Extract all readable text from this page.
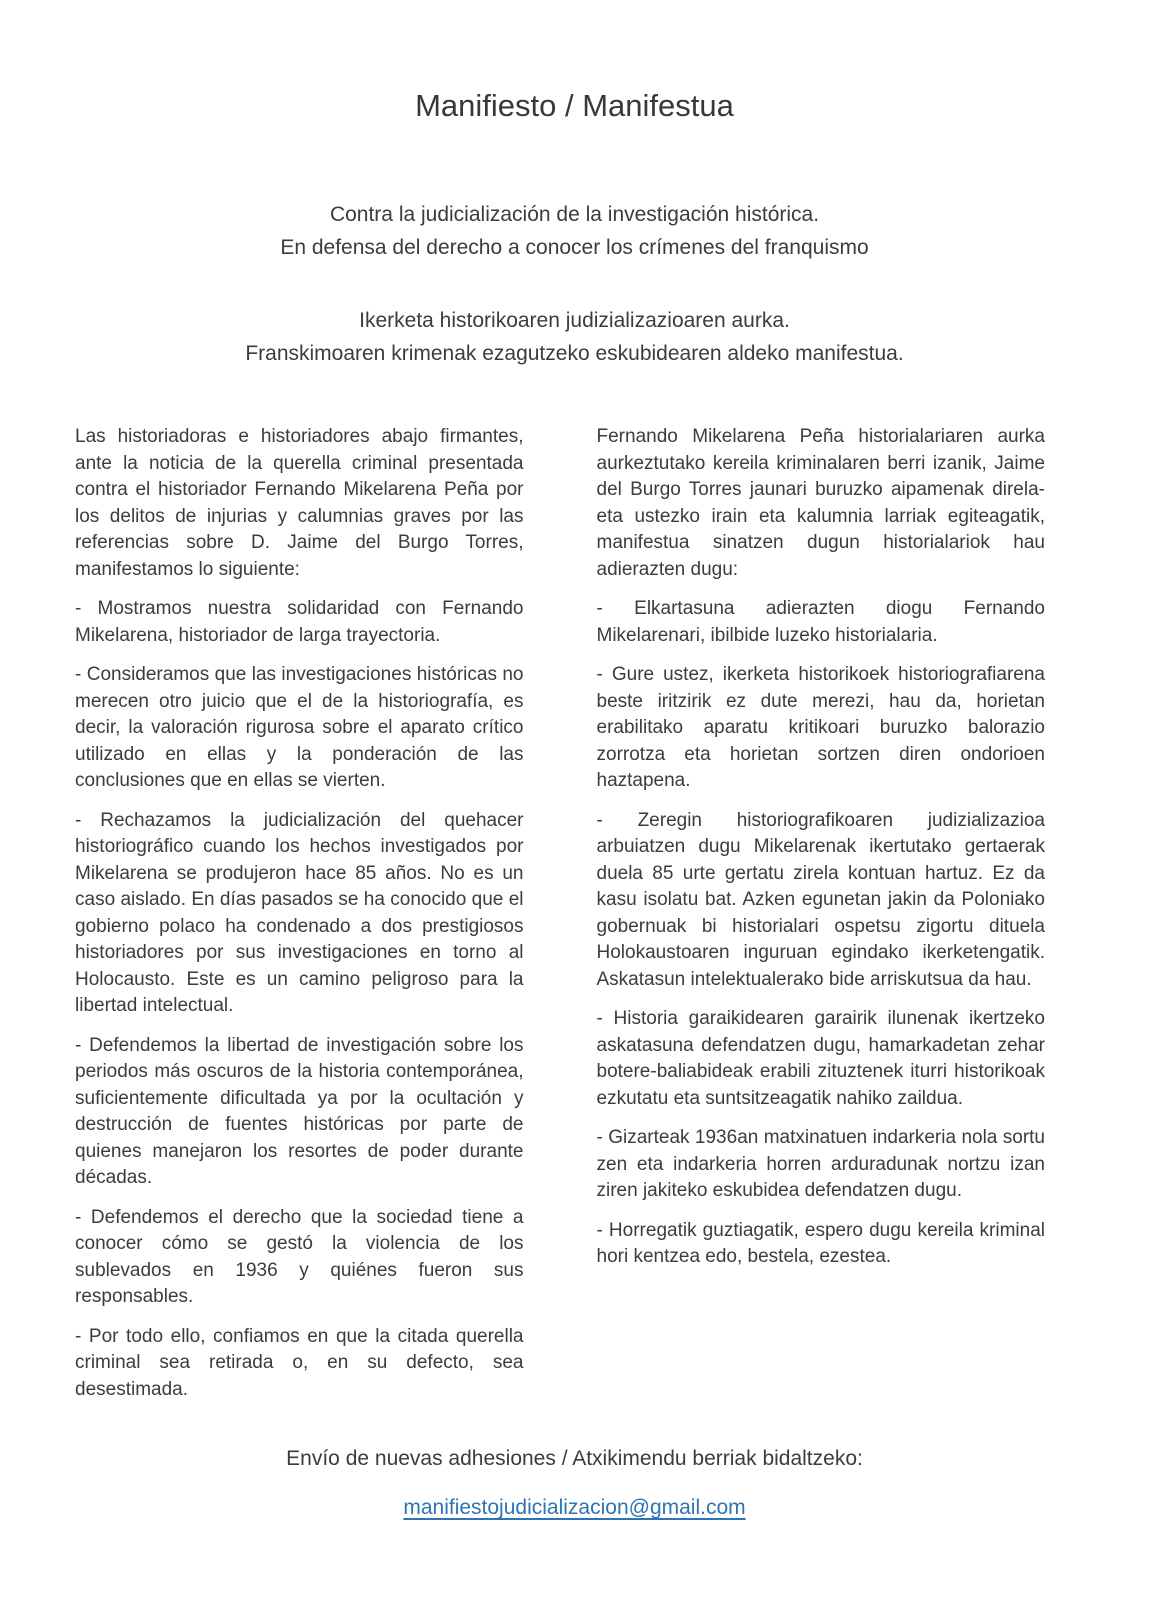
Manifiesto / Manifestua
Contra la judicialización de la investigación histórica.
En defensa del derecho a conocer los crímenes del franquismo
Ikerketa historikoaren judizializazioaren aurka.
Franskimoaren krimenak ezagutzeko eskubidearen aldeko manifestua.

Las historiadoras e historiadores abajo firmantes, ante la noticia de la querella criminal presentada contra el historiador Fernando Mikelarena Peña por los delitos de injurias y calumnias graves por las referencias sobre D. Jaime del Burgo Torres, manifestamos lo siguiente:

- Mostramos nuestra solidaridad con Fernando Mikelarena, historiador de larga trayectoria.

- Consideramos que las investigaciones históricas no merecen otro juicio que el de la historiografía, es decir, la valoración rigurosa sobre el aparato crítico utilizado en ellas y la ponderación de las conclusiones que en ellas se vierten.

- Rechazamos la judicialización del quehacer historiográfico cuando los hechos investigados por Mikelarena se produjeron hace 85 años. No es un caso aislado. En días pasados se ha conocido que el gobierno polaco ha condenado a dos prestigiosos historiadores por sus investigaciones en torno al Holocausto. Este es un camino peligroso para la libertad intelectual.

- Defendemos la libertad de investigación sobre los periodos más oscuros de la historia contemporánea, suficientemente dificultada ya por la ocultación y destrucción de fuentes históricas por parte de quienes manejaron los resortes de poder durante décadas.

- Defendemos el derecho que la sociedad tiene a conocer cómo se gestó la violencia de los sublevados en 1936 y quiénes fueron sus responsables.

- Por todo ello, confiamos en que la citada querella criminal sea retirada o, en su defecto, sea desestimada.

Fernando Mikelarena Peña historialariaren aurka aurkeztutako kereila kriminalaren berri izanik, Jaime del Burgo Torres jaunari buruzko aipamenak direla-eta ustezko irain eta kalumnia larriak egiteagatik, manifestua sinatzen dugun historialariok hau adierazten dugu:

- Elkartasuna adierazten diogu Fernando Mikelarenari, ibilbide luzeko historialaria.

- Gure ustez, ikerketa historikoek historiografiarena beste iritzirik ez dute merezi, hau da, horietan erabilitako aparatu kritikoari buruzko balorazio zorrotza eta horietan sortzen diren ondorioen haztapena.

- Zeregin historiografikoaren judizializazioa arbuiatzen dugu Mikelarenak ikertutako gertaerak duela 85 urte gertatu zirela kontuan hartuz. Ez da kasu isolatu bat. Azken egunetan jakin da Poloniako gobernuak bi historialari ospetsu zigortu dituela Holokaustoaren inguruan egindako ikerketengatik. Askatasun intelektualerako bide arriskutsua da hau.

- Historia garaikidearen garairik ilunenak ikertzeko askatasuna defendatzen dugu, hamarkadetan zehar botere-baliabideak erabili zituztenek iturri historikoak ezkutatu eta suntsitzeagatik nahiko zaildua.

- Gizarteak 1936an matxinatuen indarkeria nola sortu zen eta indarkeria horren arduradunak nortzu izan ziren jakiteko eskubidea defendatzen dugu.

- Horregatik guztiagatik, espero dugu kereila kriminal hori kentzea edo, bestela, ezestea.

Envío de nuevas adhesiones / Atxikimendu berriak bidaltzeko:
manifiestojudicializacion@gmail.com
